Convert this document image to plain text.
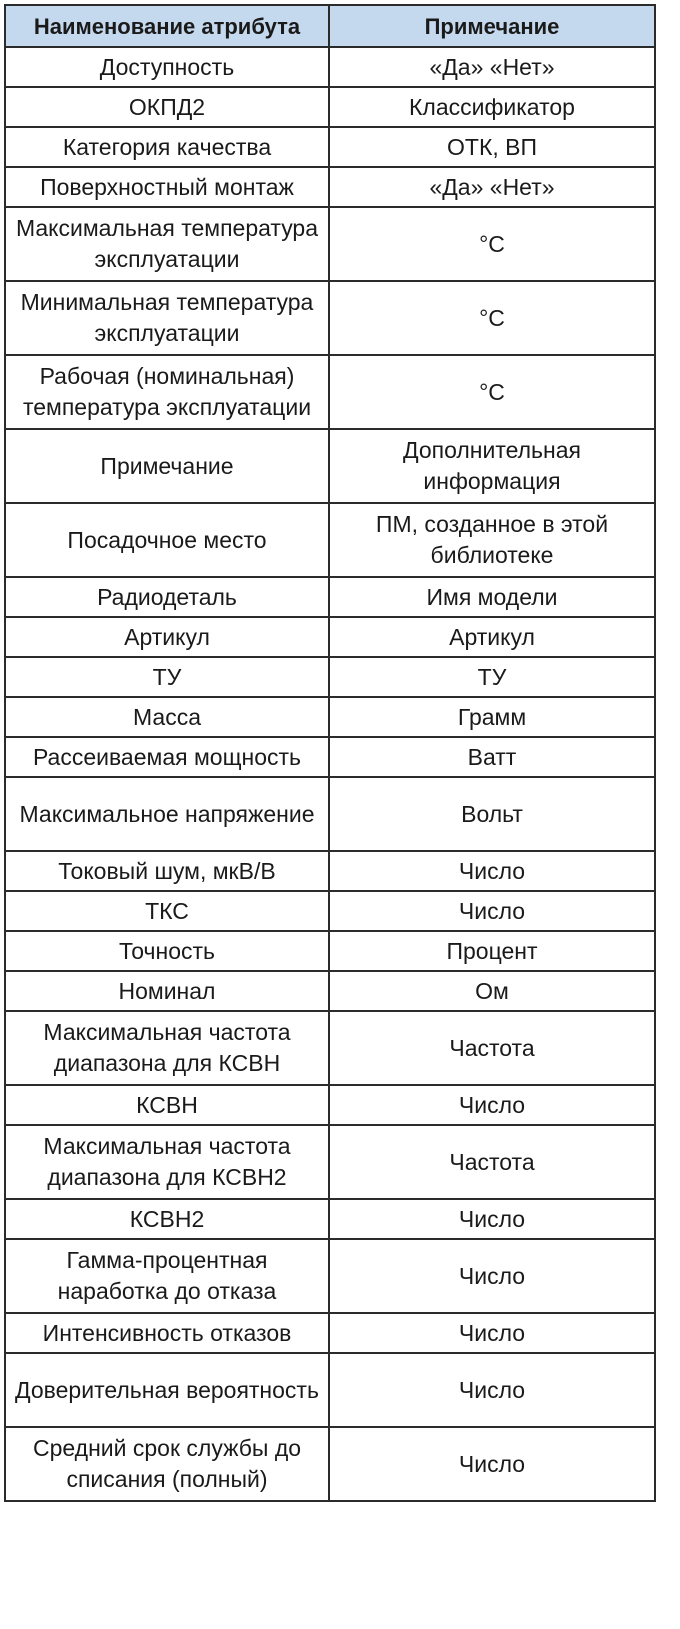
Наименование атрибута	Примечание
Доступность	«Да» «Нет»
ОКПД2	Классификатор
Категория качества	ОТК, ВП
Поверхностный монтаж	«Да» «Нет»
Максимальная температура эксплуатации	°С
Минимальная температура эксплуатации	°С
Рабочая (номинальная) температура эксплуатации	°С
Примечание	Дополнительная информация
Посадочное место	ПМ, созданное в этой библиотеке
Радиодеталь	Имя модели
Артикул	Артикул
ТУ	ТУ
Масса	Грамм
Рассеиваемая мощность	Ватт
Максимальное напряжение	Вольт
Токовый шум, мкВ/В	Число
ТКС	Число
Точность	Процент
Номинал	Ом
Максимальная частота диапазона для КСВН	Частота
КСВН	Число
Максимальная частота диапазона для КСВН2	Частота
КСВН2	Число
Гамма-процентная наработка до отказа	Число
Интенсивность отказов	Число
Доверительная вероятность	Число
Средний срок службы до списания (полный)	Число
